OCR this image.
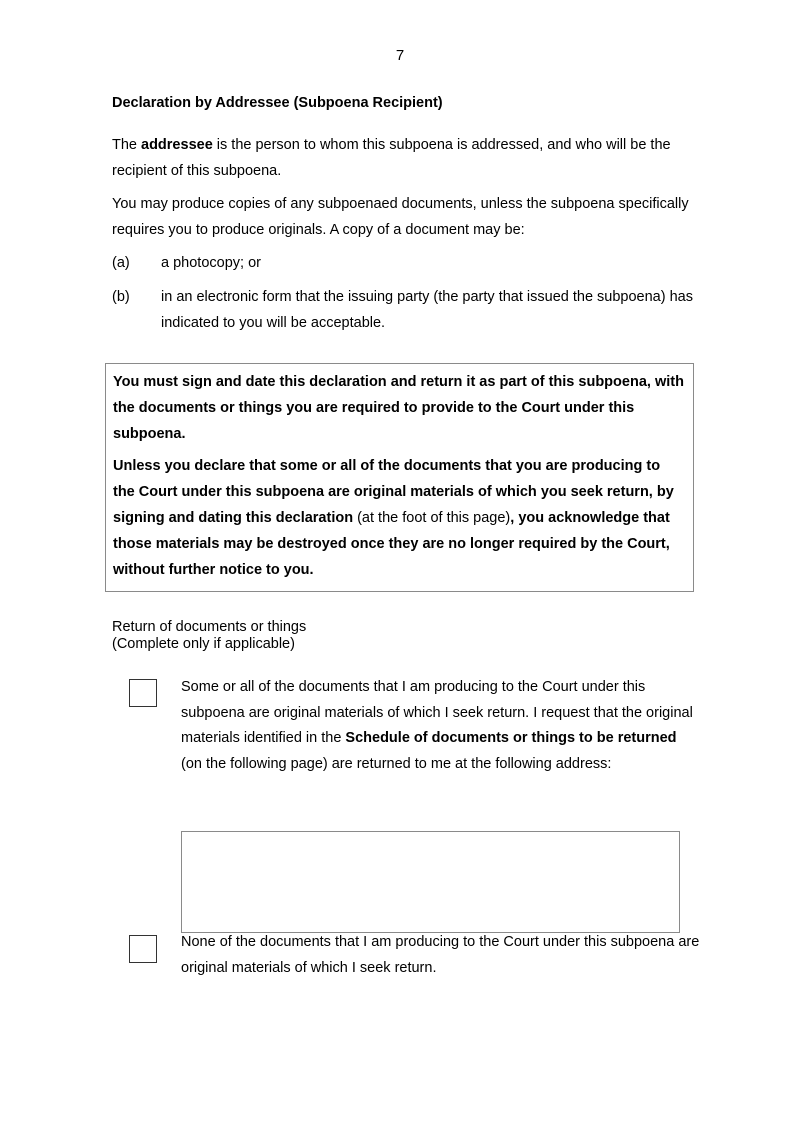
7
Declaration by Addressee (Subpoena Recipient)
The addressee is the person to whom this subpoena is addressed, and who will be the recipient of this subpoena.
You may produce copies of any subpoenaed documents, unless the subpoena specifically requires you to produce originals. A copy of a document may be:
(a) a photocopy; or
(b) in an electronic form that the issuing party (the party that issued the subpoena) has indicated to you will be acceptable.

You must sign and date this declaration and return it as part of this subpoena, with the documents or things you are required to provide to the Court under this subpoena.

Unless you declare that some or all of the documents that you are producing to the Court under this subpoena are original materials of which you seek return, by signing and dating this declaration (at the foot of this page), you acknowledge that those materials may be destroyed once they are no longer required by the Court, without further notice to you.

Return of documents or things
(Complete only if applicable)
Some or all of the documents that I am producing to the Court under this subpoena are original materials of which I seek return. I request that the original materials identified in the Schedule of documents or things to be returned (on the following page) are returned to me at the following address:
None of the documents that I am producing to the Court under this subpoena are original materials of which I seek return.
